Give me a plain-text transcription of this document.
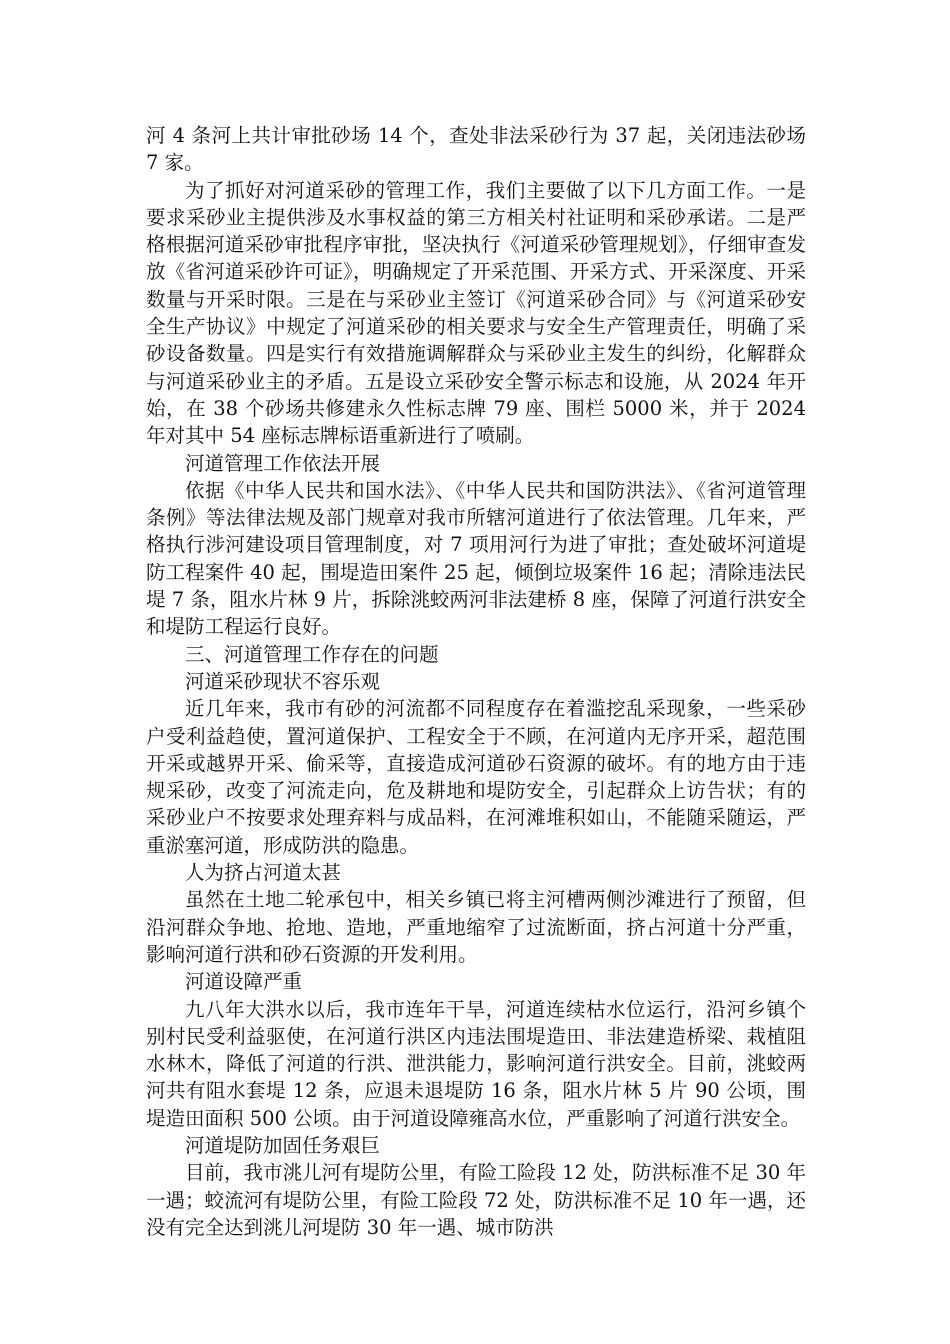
河 4 条河上共计审批砂场 14 个，查处非法采砂行为 37 起，关闭违法砂场 7 家。

为了抓好对河道采砂的管理工作，我们主要做了以下几方面工作。一是要求采砂业主提供涉及水事权益的第三方相关村社证明和采砂承诺。二是严格根据河道采砂审批程序审批，坚决执行《河道采砂管理规划》，仔细审查发放《省河道采砂许可证》，明确规定了开采范围、开采方式、开采深度、开采数量与开采时限。三是在与采砂业主签订《河道采砂合同》与《河道采砂安全生产协议》中规定了河道采砂的相关要求与安全生产管理责任，明确了采砂设备数量。四是实行有效措施调解群众与采砂业主发生的纠纷，化解群众与河道采砂业主的矛盾。五是设立采砂安全警示标志和设施，从 2024 年开始，在 38 个砂场共修建永久性标志牌 79 座、围栏 5000 米，并于 2024 年对其中 54 座标志牌标语重新进行了喷刷。

河道管理工作依法开展

依据《中华人民共和国水法》、《中华人民共和国防洪法》、《省河道管理条例》等法律法规及部门规章对我市所辖河道进行了依法管理。几年来，严格执行涉河建设项目管理制度，对 7 项用河行为进了审批；查处破坏河道堤防工程案件 40 起，围堤造田案件 25 起，倾倒垃圾案件 16 起；清除违法民堤 7 条，阻水片林 9 片，拆除洮蛟两河非法建桥 8 座，保障了河道行洪安全和堤防工程运行良好。

三、河道管理工作存在的问题

河道采砂现状不容乐观

近几年来，我市有砂的河流都不同程度存在着滥挖乱采现象，一些采砂户受利益趋使，置河道保护、工程安全于不顾，在河道内无序开采，超范围开采或越界开采、偷采等，直接造成河道砂石资源的破坏。有的地方由于违规采砂，改变了河流走向，危及耕地和堤防安全，引起群众上访告状；有的采砂业户不按要求处理弃料与成品料，在河滩堆积如山，不能随采随运，严重淤塞河道，形成防洪的隐患。

人为挤占河道太甚

虽然在土地二轮承包中，相关乡镇已将主河槽两侧沙滩进行了预留，但沿河群众争地、抢地、造地，严重地缩窄了过流断面，挤占河道十分严重，影响河道行洪和砂石资源的开发利用。

河道设障严重

九八年大洪水以后，我市连年干旱，河道连续枯水位运行，沿河乡镇个别村民受利益驱使，在河道行洪区内违法围堤造田、非法建造桥梁、栽植阻水林木，降低了河道的行洪、泄洪能力，影响河道行洪安全。目前，洮蛟两河共有阻水套堤 12 条，应退未退堤防 16 条，阻水片林 5 片 90 公顷，围堤造田面积 500 公顷。由于河道设障雍高水位，严重影响了河道行洪安全。

河道堤防加固任务艰巨

目前，我市洮儿河有堤防公里，有险工险段 12 处，防洪标准不足 30 年一遇；蛟流河有堤防公里，有险工险段 72 处，防洪标准不足 10 年一遇，还没有完全达到洮儿河堤防 30 年一遇、城市防洪
